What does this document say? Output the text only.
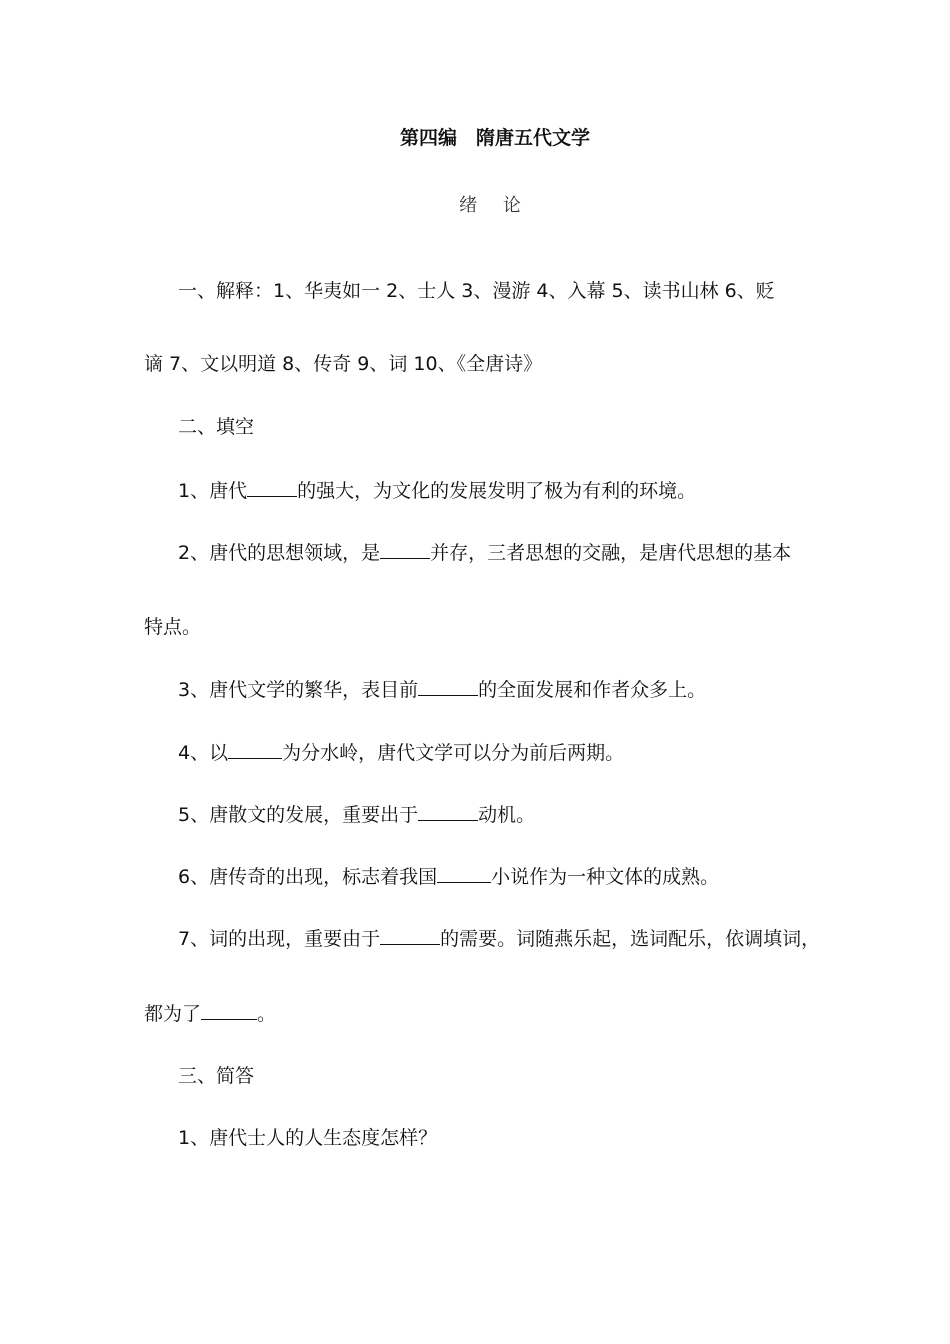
第四编　隋唐五代文学
绪 论
一、解释：1、华夷如一 2、士人 3、漫游 4、入幕 5、读书山林 6、贬
谪 7、文以明道 8、传奇 9、词 10、《全唐诗》
二、填空
1、唐代	的强大，为文化的发展发明了极为有利的环境。
2、唐代的思想领域，是	并存，三者思想的交融，是唐代思想的基本
特点。
3、唐代文学的繁华，表目前	的全面发展和作者众多上。
4、以	为分水岭，唐代文学可以分为前后两期。
5、唐散文的发展，重要出于	动机。
6、唐传奇的出现，标志着我国	小说作为一种文体的成熟。
7、词的出现，重要由于	的需要。词随燕乐起，选词配乐，依调填词，
都为了	。
三、简答
1、唐代士人的人生态度怎样？
